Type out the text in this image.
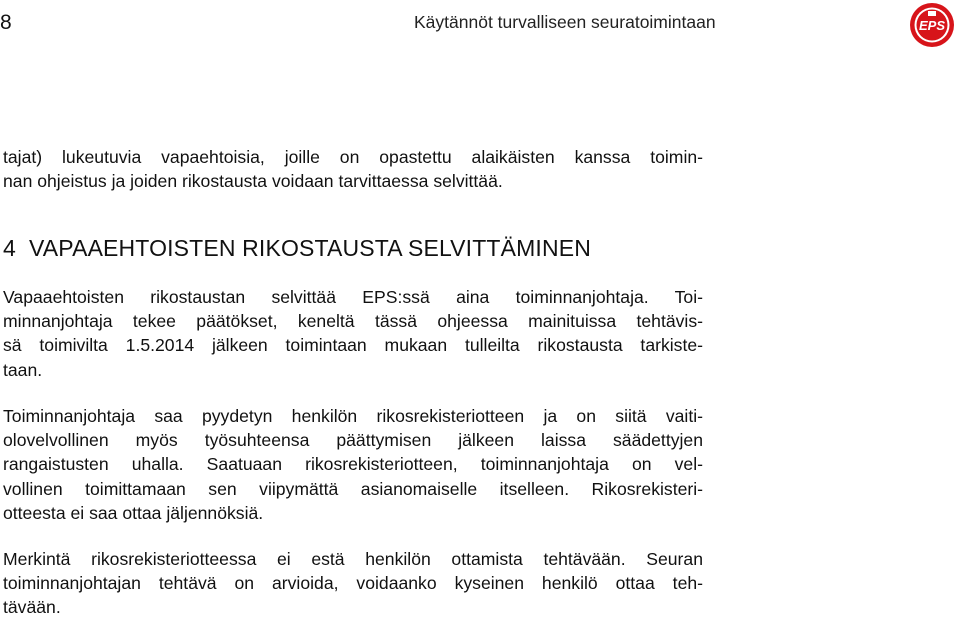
8	Käytännöt turvalliseen seuratoimintaan	EPS
tajat) lukeutuvia vapaehtoisia, joille on opastettu alaikäisten kanssa toimin-
nan ohjeistus ja joiden rikostausta voidaan tarvittaessa selvittää.
4  VAPAAEHTOISTEN RIKOSTAUSTA SELVITTÄMINEN
Vapaaehtoisten rikostaustan selvittää EPS:ssä aina toiminnanjohtaja. Toi-
minnanjohtaja tekee päätökset, keneltä tässä ohjeessa mainituissa tehtävis-
sä toimivilta 1.5.2014 jälkeen toimintaan mukaan tulleilta rikostausta tarkiste-
taan.
Toiminnanjohtaja saa pyydetyn henkilön rikosrekisteriotteen ja on siitä vaiti-
olovelvollinen myös työsuhteensa päättymisen jälkeen laissa säädettyjen
rangaistusten uhalla. Saatuaan rikosrekisteriotteen, toiminnanjohtaja on vel-
vollinen toimittamaan sen viipymättä asianomaiselle itselleen. Rikosrekisteri-
otteesta ei saa ottaa jäljennöksiä.
Merkintä rikosrekisteriotteessa ei estä henkilön ottamista tehtävään. Seuran
toiminnanjohtajan tehtävä on arvioida, voidaanko kyseinen henkilö ottaa teh-
tävään.
